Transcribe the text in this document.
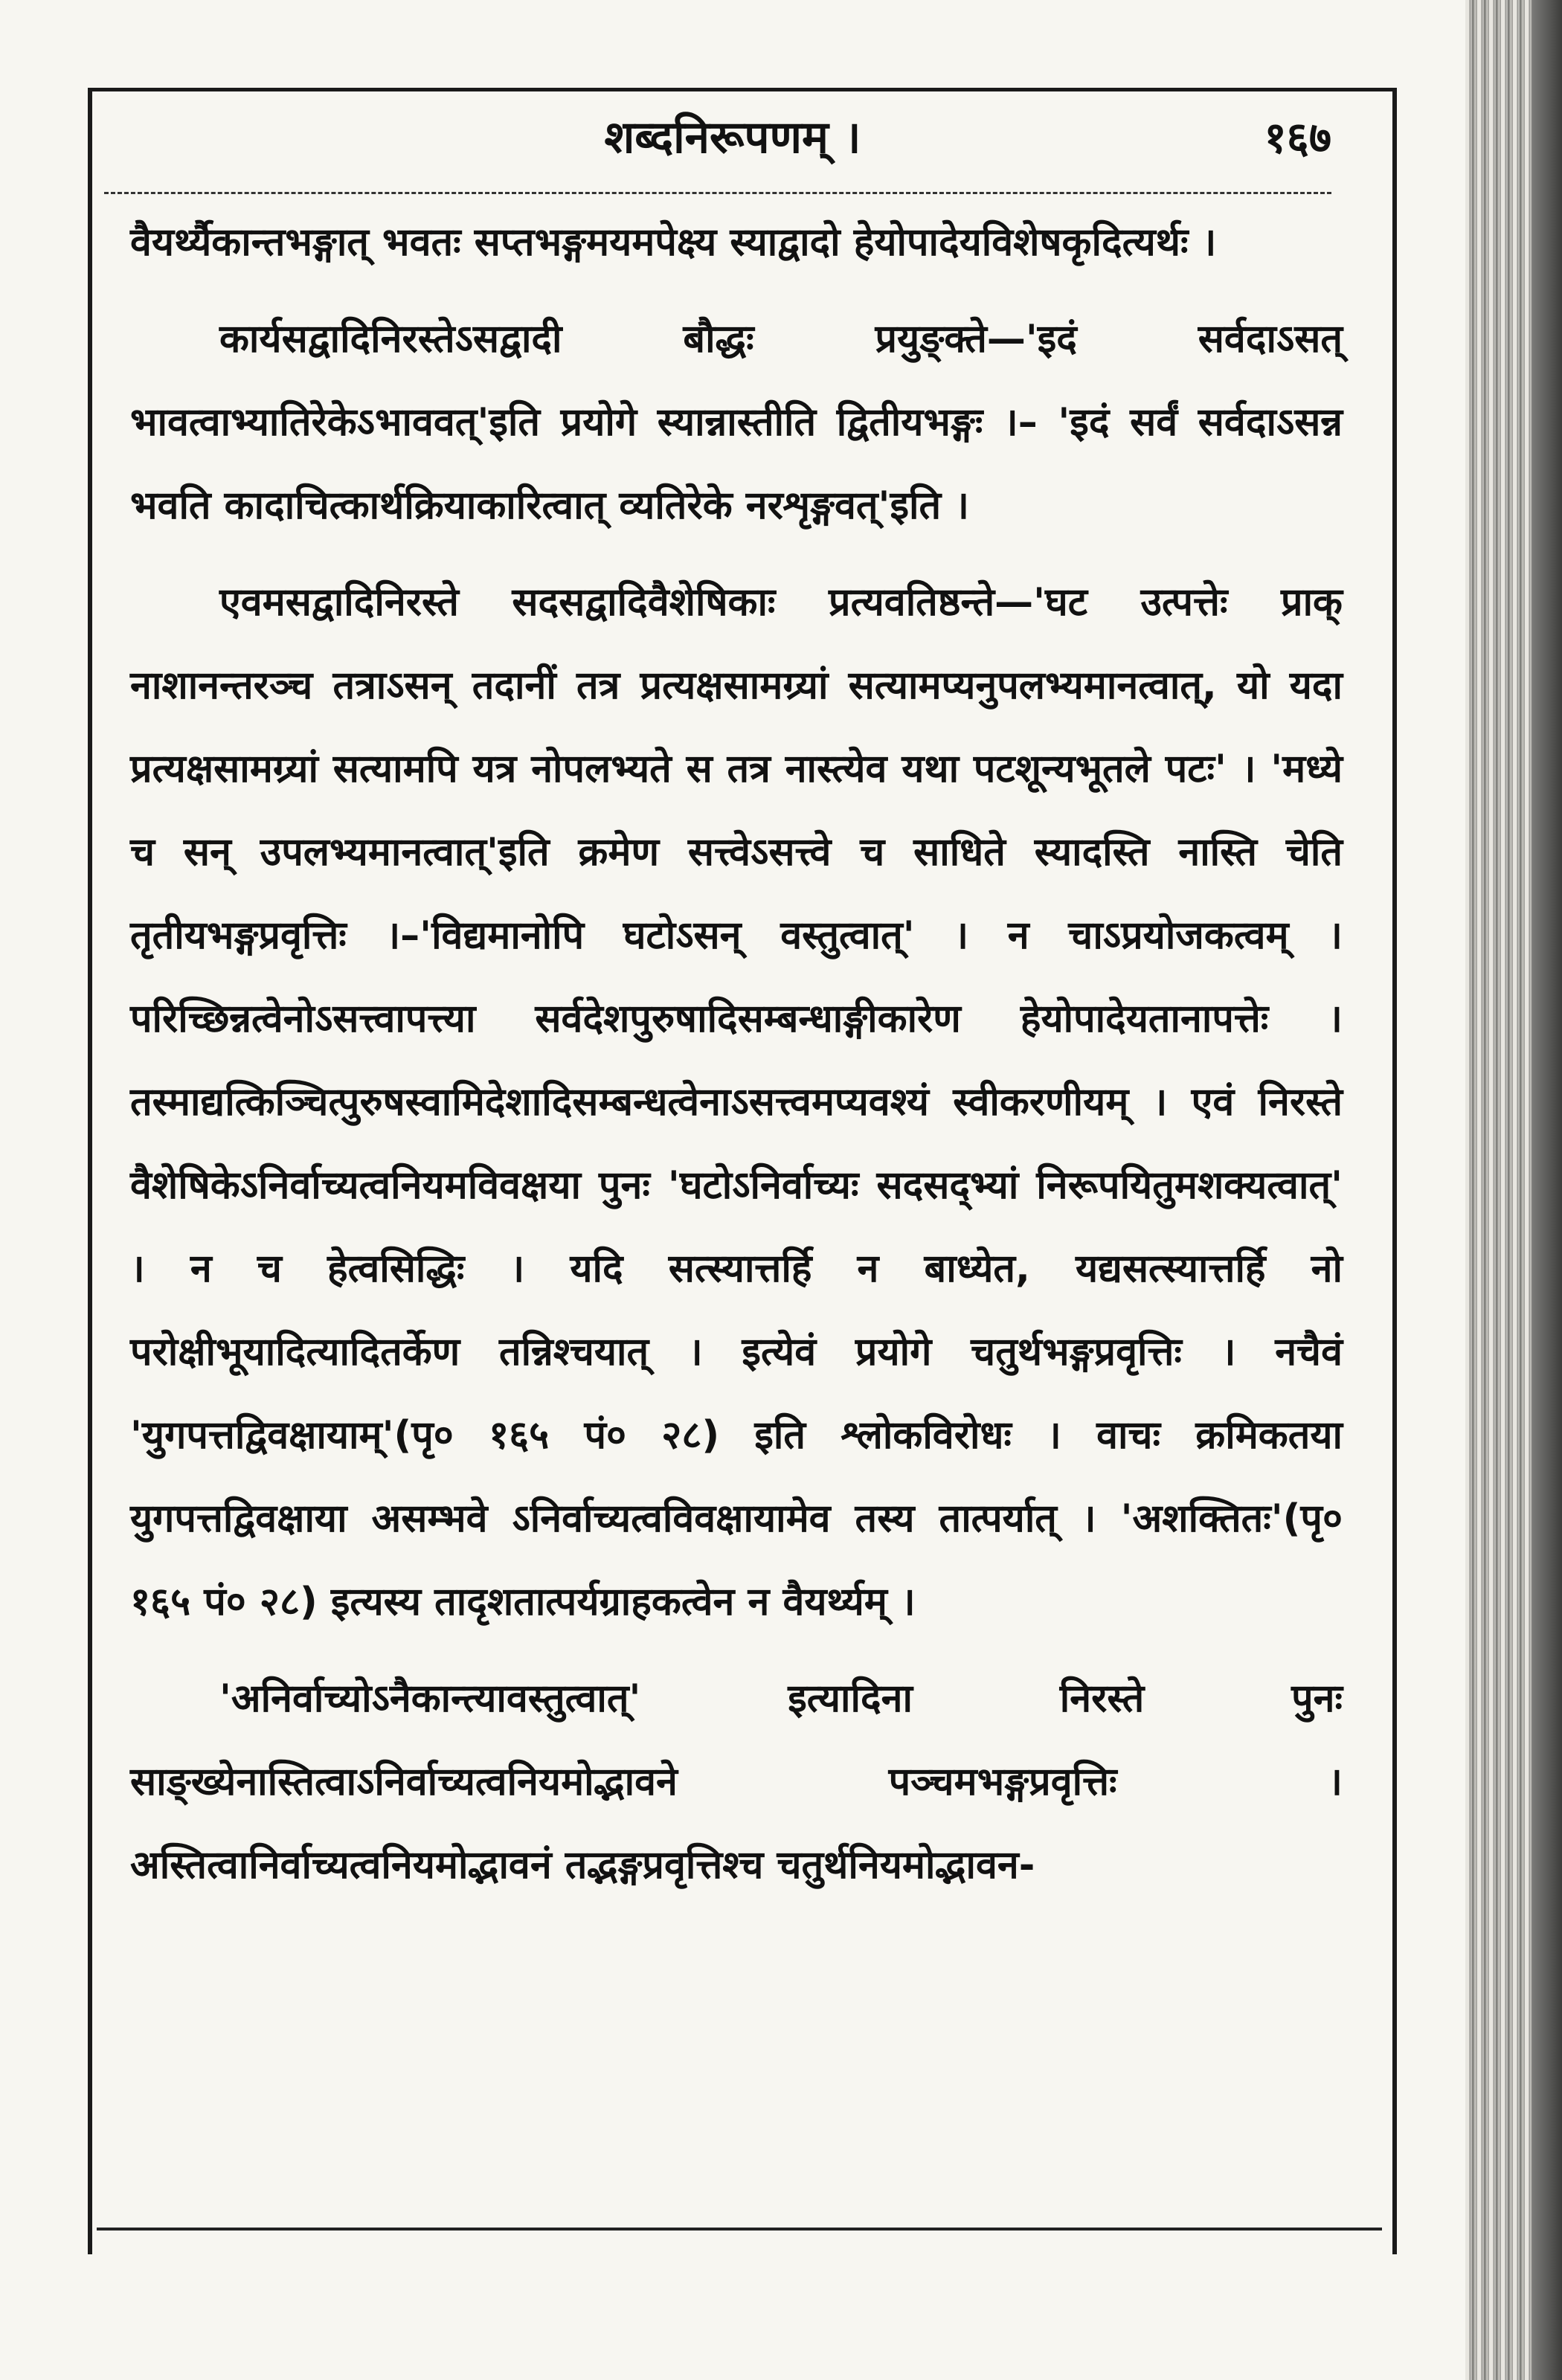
शब्दनिरूपणम् ।	१६७

वैयर्थ्यैकान्तभङ्गात् भवतः सप्तभङ्गमयमपेक्ष्य स्याद्वादो हेयोपादेयविशेषकृदित्यर्थः ।

कार्यसद्वादिनिरस्तेऽसद्वादी बौद्धः प्रयुङ्क्ते—'इदं सर्वदाऽसत् भावत्वाभ्यातिरेकेऽभाववत्'इति प्रयोगे स्यान्नास्तीति द्वितीयभङ्गः ।– 'इदं सर्वं सर्वदाऽसन्न भवति कादाचित्कार्थक्रियाकारित्वात् व्यतिरेके नरशृङ्गवत्'इति ।

एवमसद्वादिनिरस्ते सदसद्वादिवैशेषिकाः प्रत्यवतिष्ठन्ते—'घट उत्पत्तेः प्राक् नाशानन्तरञ्च तत्राऽसन् तदानीं तत्र प्रत्यक्षसामग्र्यां सत्यामप्यनुपलभ्यमानत्वात्, यो यदा प्रत्यक्षसामग्र्यां सत्यामपि यत्र नोपलभ्यते स तत्र नास्त्येव यथा पटशून्यभूतले पटः' । 'मध्ये च सन् उपलभ्यमानत्वात्'इति क्रमेण सत्त्वेऽसत्त्वे च साधिते स्यादस्ति नास्ति चेति तृतीयभङ्गप्रवृत्तिः ।–'विद्यमानोपि घटोऽसन् वस्तुत्वात्' । न चाऽप्रयोजकत्वम् । परिच्छिन्नत्वेनोऽसत्त्वापत्त्या सर्वदेशपुरुषादिसम्बन्धाङ्गीकारेण हेयोपादेयतानापत्तेः । तस्माद्यत्किञ्चित्पुरुषस्वामिदेशादिसम्बन्धत्वेनाऽसत्त्वमप्यवश्यं स्वीकरणीयम् । एवं निरस्ते वैशेषिकेऽनिर्वाच्यत्वनियमविवक्षया पुनः 'घटोऽनिर्वाच्यः सदसद्भ्यां निरूपयितुमशक्यत्वात्' । न च हेत्वसिद्धिः । यदि सत्स्यात्तर्हि न बाध्येत, यद्यसत्स्यात्तर्हि नो परोक्षीभूयादित्यादितर्केण तन्निश्चयात् । इत्येवं प्रयोगे चतुर्थभङ्गप्रवृत्तिः । नचैवं 'युगपत्तद्विवक्षायाम्'(पृ० १६५ पं० २८) इति श्लोकविरोधः । वाचः क्रमिकतया युगपत्तद्विवक्षाया असम्भवे ऽनिर्वाच्यत्वविवक्षायामेव तस्य तात्पर्यात् । 'अशक्तितः'(पृ० १६५ पं० २८) इत्यस्य तादृशतात्पर्यग्राहकत्वेन न वैयर्थ्यम् ।

'अनिर्वाच्योऽनैकान्त्यावस्तुत्वात्' इत्यादिना निरस्ते पुनः साङ्ख्येनास्तित्वाऽनिर्वाच्यत्वनियमोद्भावने पञ्चमभङ्गप्रवृत्तिः । अस्तित्वानिर्वाच्यत्वनियमोद्भावनं तद्भङ्गप्रवृत्तिश्च चतुर्थनियमोद्भावन-
